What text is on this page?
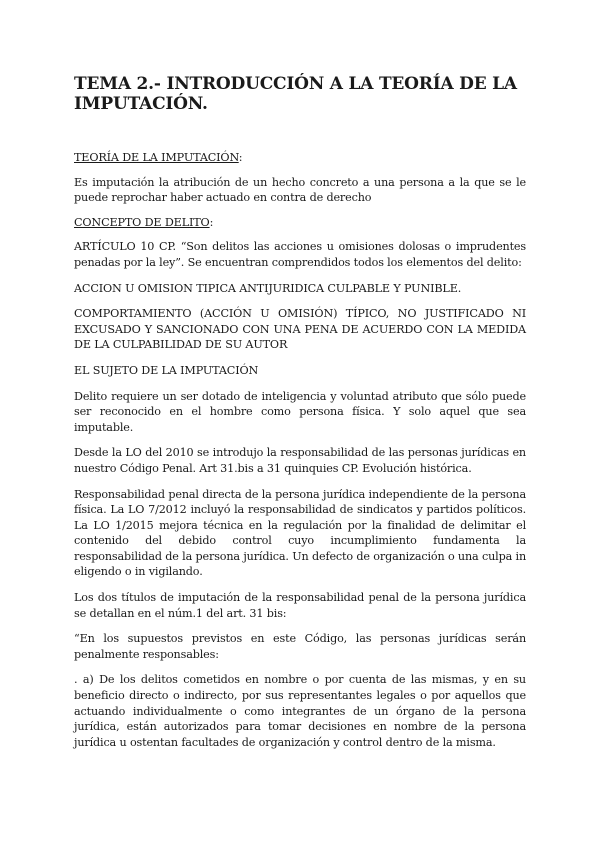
TEMA 2.- INTRODUCCIÓN A LA TEORÍA DE LA IMPUTACIÓN.

TEORÍA DE LA IMPUTACIÓN:

Es imputación la atribución de un hecho concreto a una persona a la que se le puede reprochar haber actuado en contra de derecho

CONCEPTO DE DELITO:

ARTÍCULO 10 CP. “Son delitos las acciones u omisiones dolosas o imprudentes penadas por la ley”. Se encuentran comprendidos todos los elementos del delito:

ACCION U OMISION TIPICA ANTIJURIDICA CULPABLE Y PUNIBLE.

COMPORTAMIENTO (ACCIÓN U OMISIÓN) TÍPICO, NO JUSTIFICADO NI EXCUSADO Y SANCIONADO CON UNA PENA DE ACUERDO CON LA MEDIDA DE LA CULPABILIDAD DE SU AUTOR

EL SUJETO DE LA IMPUTACIÓN

Delito requiere un ser dotado de inteligencia y voluntad atributo que sólo puede ser reconocido en el hombre como persona física. Y solo aquel que sea imputable.

Desde la LO del 2010 se introdujo la responsabilidad de las personas jurídicas en nuestro Código Penal. Art 31.bis a 31 quinquies CP. Evolución histórica.

Responsabilidad penal directa de la persona jurídica independiente de la persona física. La LO 7/2012 incluyó la responsabilidad de sindicatos y partidos políticos. La LO 1/2015 mejora técnica en la regulación por la finalidad de delimitar el contenido del debido control cuyo incumplimiento fundamenta la responsabilidad de la persona jurídica. Un defecto de organización o una culpa in eligendo o in vigilando.

Los dos títulos de imputación de la responsabilidad penal de la persona jurídica se detallan en el núm.1 del art. 31 bis:

“En los supuestos previstos en este Código, las personas jurídicas serán penalmente responsables:

. a) De los delitos cometidos en nombre o por cuenta de las mismas, y en su beneficio directo o indirecto, por sus representantes legales o por aquellos que actuando individualmente o como integrantes de un órgano de la persona jurídica, están autorizados para tomar decisiones en nombre de la persona jurídica u ostentan facultades de organización y control dentro de la misma.
